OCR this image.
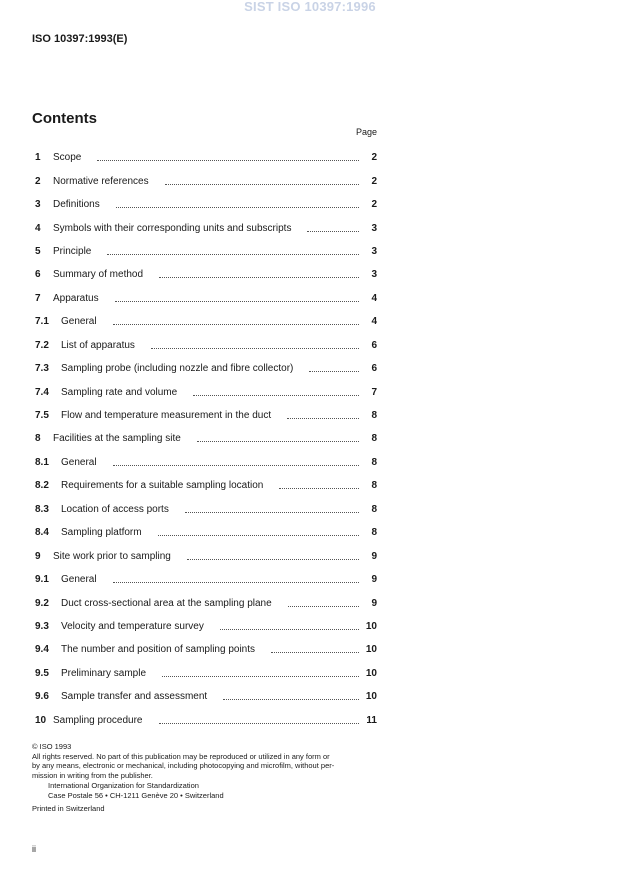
SIST ISO 10397:1996
ISO 10397:1993(E)
Contents
Page
1	Scope	2
2	Normative references	2
3	Definitions	2
4	Symbols with their corresponding units and subscripts	3
5	Principle	3
6	Summary of method	3
7	Apparatus	4
7.1	General	4
7.2	List of apparatus	6
7.3	Sampling probe (including nozzle and fibre collector)	6
7.4	Sampling rate and volume	7
7.5	Flow and temperature measurement in the duct	8
8	Facilities at the sampling site	8
8.1	General	8
8.2	Requirements for a suitable sampling location	8
8.3	Location of access ports	8
8.4	Sampling platform	8
9	Site work prior to sampling	9
9.1	General	9
9.2	Duct cross-sectional area at the sampling plane	9
9.3	Velocity and temperature survey	10
9.4	The number and position of sampling points	10
9.5	Preliminary sample	10
9.6	Sample transfer and assessment	10
10 Sampling procedure	11
© ISO 1993
All rights reserved. No part of this publication may be reproduced or utilized in any form or
by any means, electronic or mechanical, including photocopying and microfilm, without per-
mission in writing from the publisher.
International Organization for Standardization
Case Postale 56 • CH-1211 Genève 20 • Switzerland
Printed in Switzerland
ii
